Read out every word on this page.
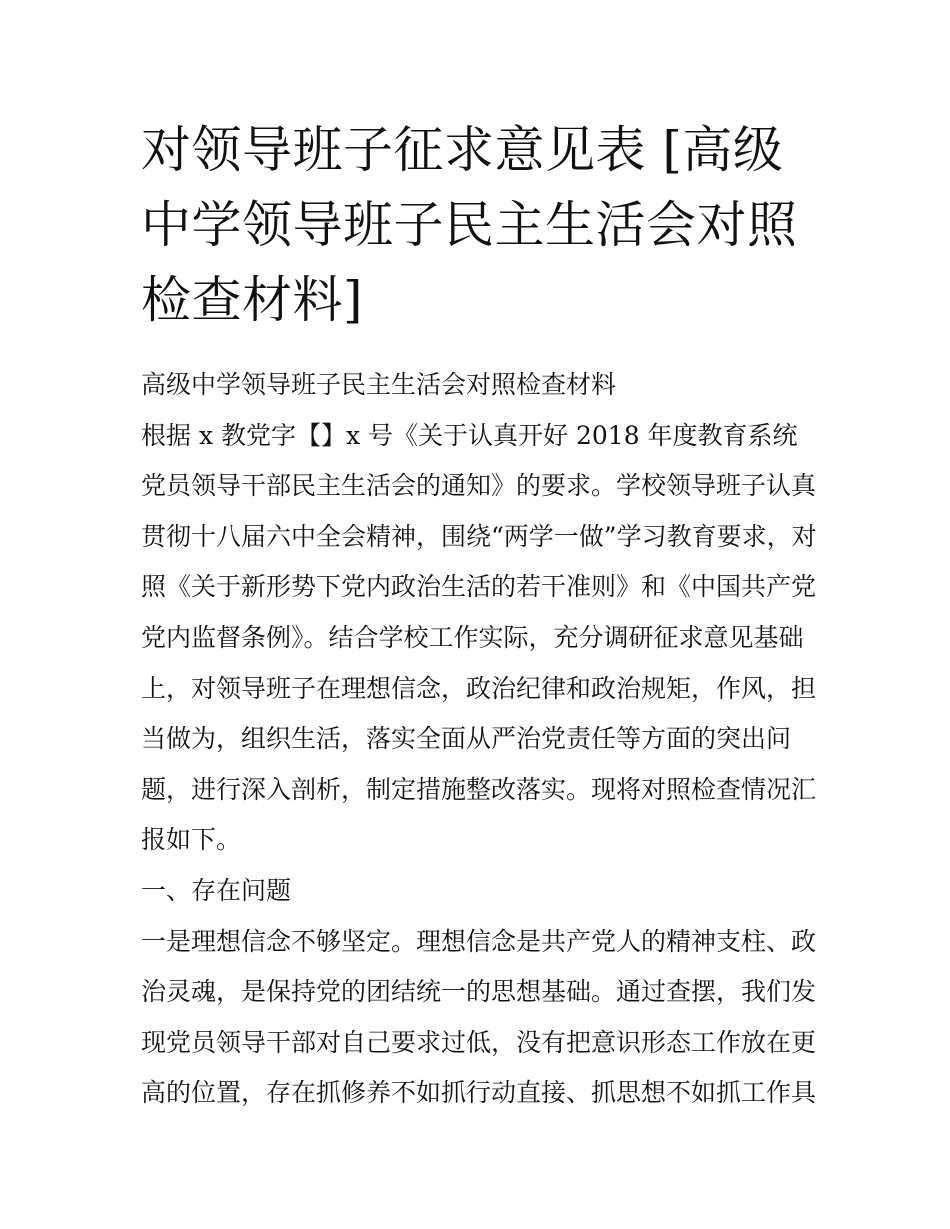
对领导班子征求意见表 [高级中学领导班子民主生活会对照检查材料]

高级中学领导班子民主生活会对照检查材料

根据 x 教党字【】x 号《关于认真开好 2018 年度教育系统党员领导干部民主生活会的通知》的要求。学校领导班子认真贯彻十八届六中全会精神，围绕“两学一做”学习教育要求，对照《关于新形势下党内政治生活的若干准则》和《中国共产党党内监督条例》。结合学校工作实际，充分调研征求意见基础上，对领导班子在理想信念，政治纪律和政治规矩，作风，担当做为，组织生活，落实全面从严治党责任等方面的突出问题，进行深入剖析，制定措施整改落实。现将对照检查情况汇报如下。

一、存在问题

一是理想信念不够坚定。理想信念是共产党人的精神支柱、政治灵魂，是保持党的团结统一的思想基础。通过查摆，我们发现党员领导干部对自己要求过低，没有把意识形态工作放在更高的位置，存在抓修养不如抓行动直接、抓思想不如抓工作具
